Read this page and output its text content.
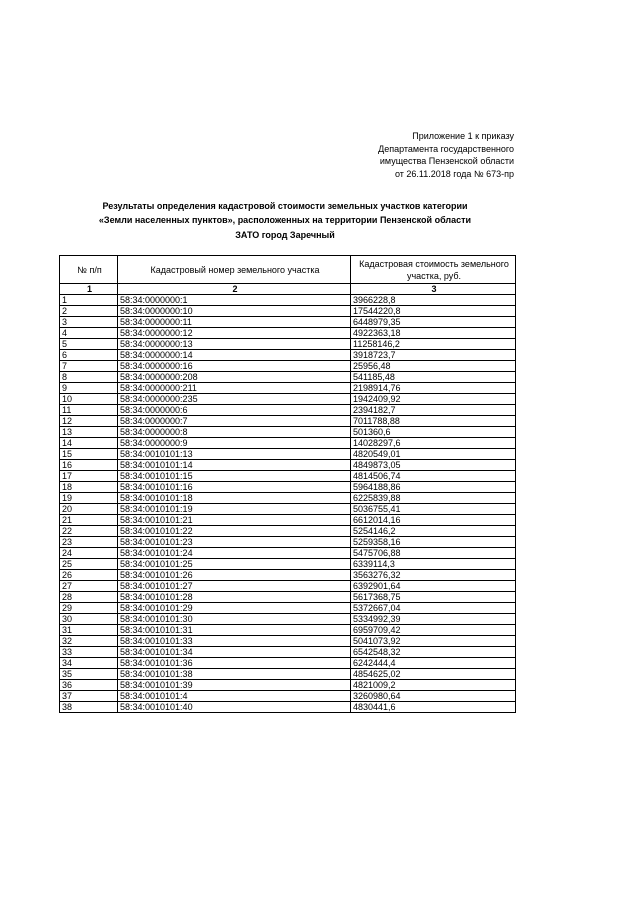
Приложение 1 к приказу
Департамента государственного
имущества Пензенской области
от 26.11.2018 года № 673-пр
Результаты определения кадастровой стоимости земельных участков категории
«Земли населенных пунктов», расположенных на территории Пензенской области
ЗАТО город Заречный
№ п/п	Кадастровый номер земельного участка	Кадастровая стоимость земельного участка, руб.
1	2	3
1	58:34:0000000:1	3966228,8
2	58:34:0000000:10	17544220,8
3	58:34:0000000:11	6448979,35
4	58:34:0000000:12	4922363,18
5	58:34:0000000:13	11258146,2
6	58:34:0000000:14	3918723,7
7	58:34:0000000:16	25956,48
8	58:34:0000000:208	541185,48
9	58:34:0000000:211	2198914,76
10	58:34:0000000:235	1942409,92
11	58:34:0000000:6	2394182,7
12	58:34:0000000:7	7011788,88
13	58:34:0000000:8	501360,6
14	58:34:0000000:9	14028297,6
15	58:34:0010101:13	4820549,01
16	58:34:0010101:14	4849873,05
17	58:34:0010101:15	4814506,74
18	58:34:0010101:16	5964188,86
19	58:34:0010101:18	6225839,88
20	58:34:0010101:19	5036755,41
21	58:34:0010101:21	6612014,16
22	58:34:0010101:22	5254146,2
23	58:34:0010101:23	5259358,16
24	58:34:0010101:24	5475706,88
25	58:34:0010101:25	6339114,3
26	58:34:0010101:26	3563276,32
27	58:34:0010101:27	6392901,64
28	58:34:0010101:28	5617368,75
29	58:34:0010101:29	5372667,04
30	58:34:0010101:30	5334992,39
31	58:34:0010101:31	6959709,42
32	58:34:0010101:33	5041073,92
33	58:34:0010101:34	6542548,32
34	58:34:0010101:36	6242444,4
35	58:34:0010101:38	4854625,02
36	58:34:0010101:39	4821009,2
37	58:34:0010101:4	3260980,64
38	58:34:0010101:40	4830441,6
